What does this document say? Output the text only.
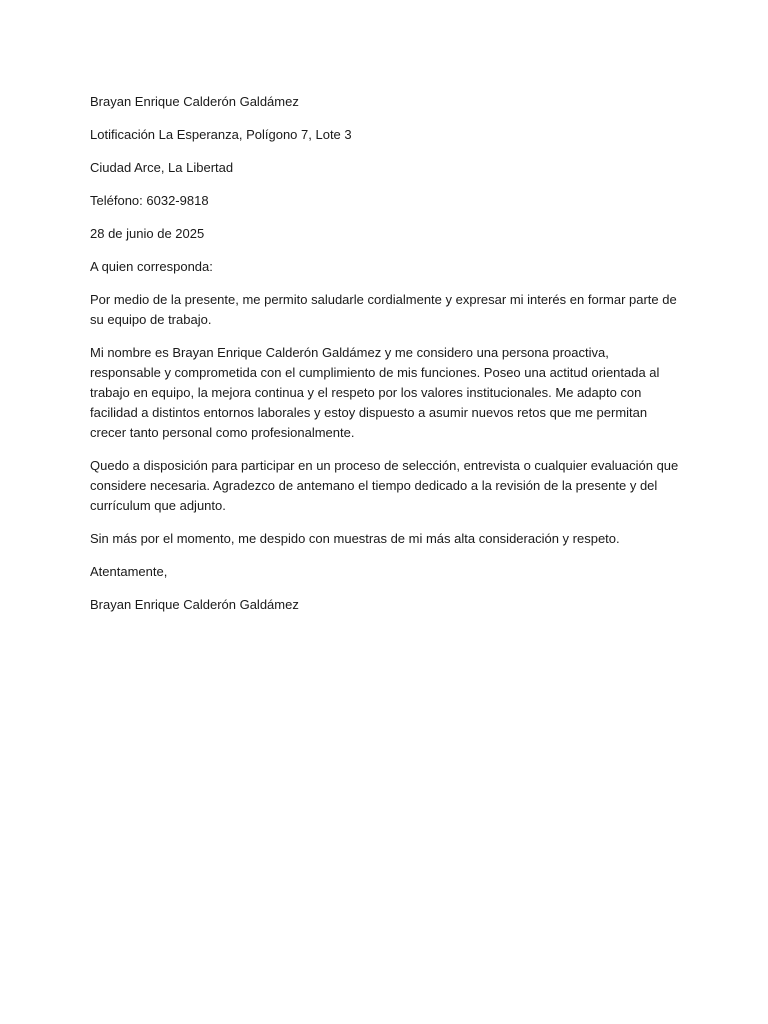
Brayan Enrique Calderón Galdámez

Lotificación La Esperanza, Polígono 7, Lote 3

Ciudad Arce, La Libertad

Teléfono: 6032-9818

28 de junio de 2025

A quien corresponda:

Por medio de la presente, me permito saludarle cordialmente y expresar mi interés en formar parte de su equipo de trabajo.

Mi nombre es Brayan Enrique Calderón Galdámez y me considero una persona proactiva, responsable y comprometida con el cumplimiento de mis funciones. Poseo una actitud orientada al trabajo en equipo, la mejora continua y el respeto por los valores institucionales. Me adapto con facilidad a distintos entornos laborales y estoy dispuesto a asumir nuevos retos que me permitan crecer tanto personal como profesionalmente.

Quedo a disposición para participar en un proceso de selección, entrevista o cualquier evaluación que considere necesaria. Agradezco de antemano el tiempo dedicado a la revisión de la presente y del currículum que adjunto.

Sin más por el momento, me despido con muestras de mi más alta consideración y respeto.

Atentamente,

Brayan Enrique Calderón Galdámez
